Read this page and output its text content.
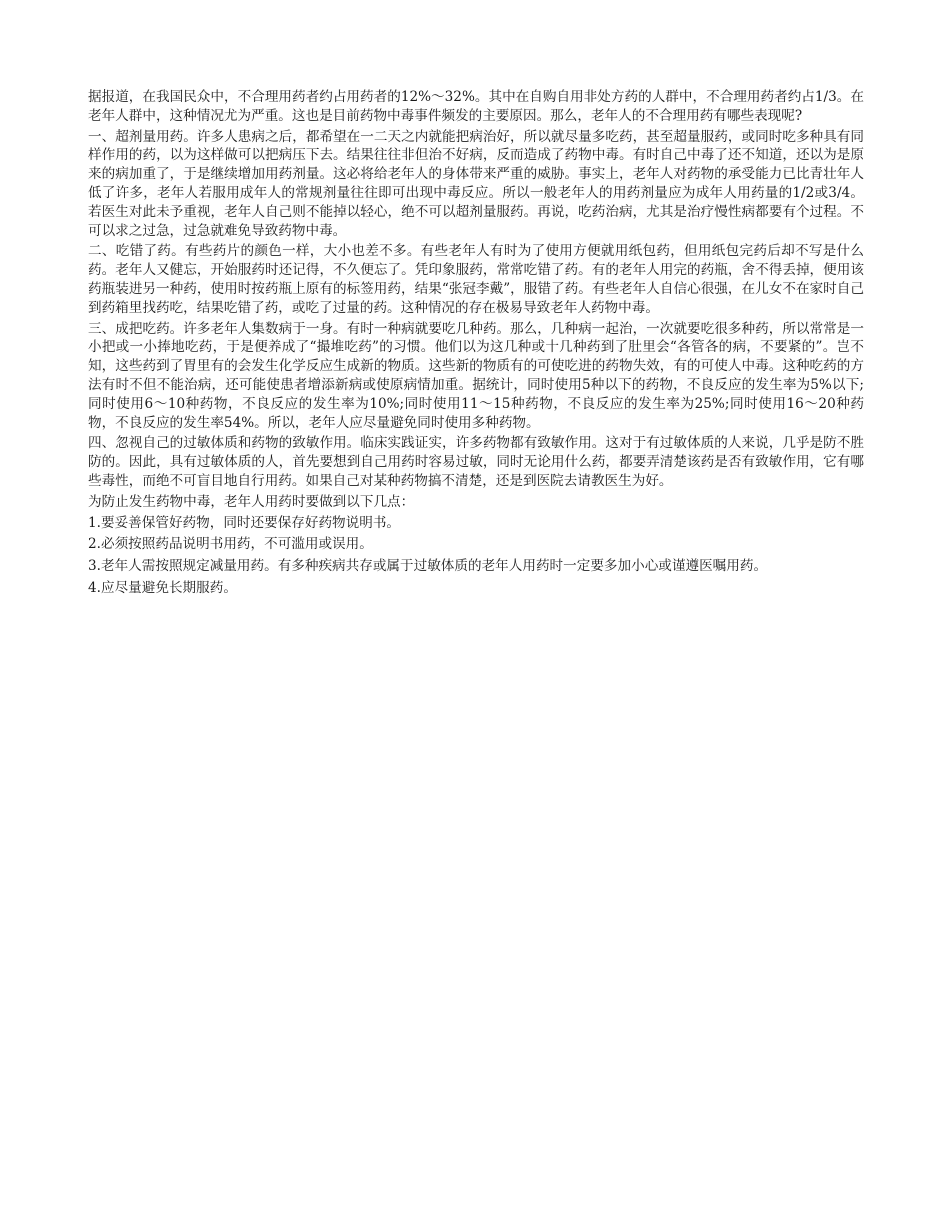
据报道，在我国民众中，不合理用药者约占用药者的12%～32%。其中在自购自用非处方药的人群中，不合理用药者约占1/3。在老年人群中，这种情况尤为严重。这也是目前药物中毒事件频发的主要原因。那么，老年人的不合理用药有哪些表现呢?

一、超剂量用药。许多人患病之后，都希望在一二天之内就能把病治好，所以就尽量多吃药，甚至超量服药，或同时吃多种具有同样作用的药，以为这样做可以把病压下去。结果往往非但治不好病，反而造成了药物中毒。有时自己中毒了还不知道，还以为是原来的病加重了，于是继续增加用药剂量。这必将给老年人的身体带来严重的威胁。事实上，老年人对药物的承受能力已比青壮年人低了许多，老年人若服用成年人的常规剂量往往即可出现中毒反应。所以一般老年人的用药剂量应为成年人用药量的1/2或3/4。若医生对此未予重视，老年人自己则不能掉以轻心，绝不可以超剂量服药。再说，吃药治病，尤其是治疗慢性病都要有个过程。不可以求之过急，过急就难免导致药物中毒。

二、吃错了药。有些药片的颜色一样，大小也差不多。有些老年人有时为了使用方便就用纸包药，但用纸包完药后却不写是什么药。老年人又健忘，开始服药时还记得，不久便忘了。凭印象服药，常常吃错了药。有的老年人用完的药瓶，舍不得丢掉，便用该药瓶装进另一种药，使用时按药瓶上原有的标签用药，结果“张冠李戴”，服错了药。有些老年人自信心很强，在儿女不在家时自己到药箱里找药吃，结果吃错了药，或吃了过量的药。这种情况的存在极易导致老年人药物中毒。

三、成把吃药。许多老年人集数病于一身。有时一种病就要吃几种药。那么，几种病一起治，一次就要吃很多种药，所以常常是一小把或一小捧地吃药，于是便养成了“撮堆吃药”的习惯。他们以为这几种或十几种药到了肚里会“各管各的病，不要紧的”。岂不知，这些药到了胃里有的会发生化学反应生成新的物质。这些新的物质有的可使吃进的药物失效，有的可使人中毒。这种吃药的方法有时不但不能治病，还可能使患者增添新病或使原病情加重。据统计，同时使用5种以下的药物，不良反应的发生率为5%以下;同时使用6～10种药物，不良反应的发生率为10%;同时使用11～15种药物，不良反应的发生率为25%;同时使用16～20种药物，不良反应的发生率54%。所以，老年人应尽量避免同时使用多种药物。

四、忽视自己的过敏体质和药物的致敏作用。临床实践证实，许多药物都有致敏作用。这对于有过敏体质的人来说，几乎是防不胜防的。因此，具有过敏体质的人，首先要想到自己用药时容易过敏，同时无论用什么药，都要弄清楚该药是否有致敏作用，它有哪些毒性，而绝不可盲目地自行用药。如果自己对某种药物搞不清楚，还是到医院去请教医生为好。

为防止发生药物中毒，老年人用药时要做到以下几点：

1.要妥善保管好药物，同时还要保存好药物说明书。

2.必须按照药品说明书用药，不可滥用或误用。

3.老年人需按照规定减量用药。有多种疾病共存或属于过敏体质的老年人用药时一定要多加小心或谨遵医嘱用药。

4.应尽量避免长期服药。
